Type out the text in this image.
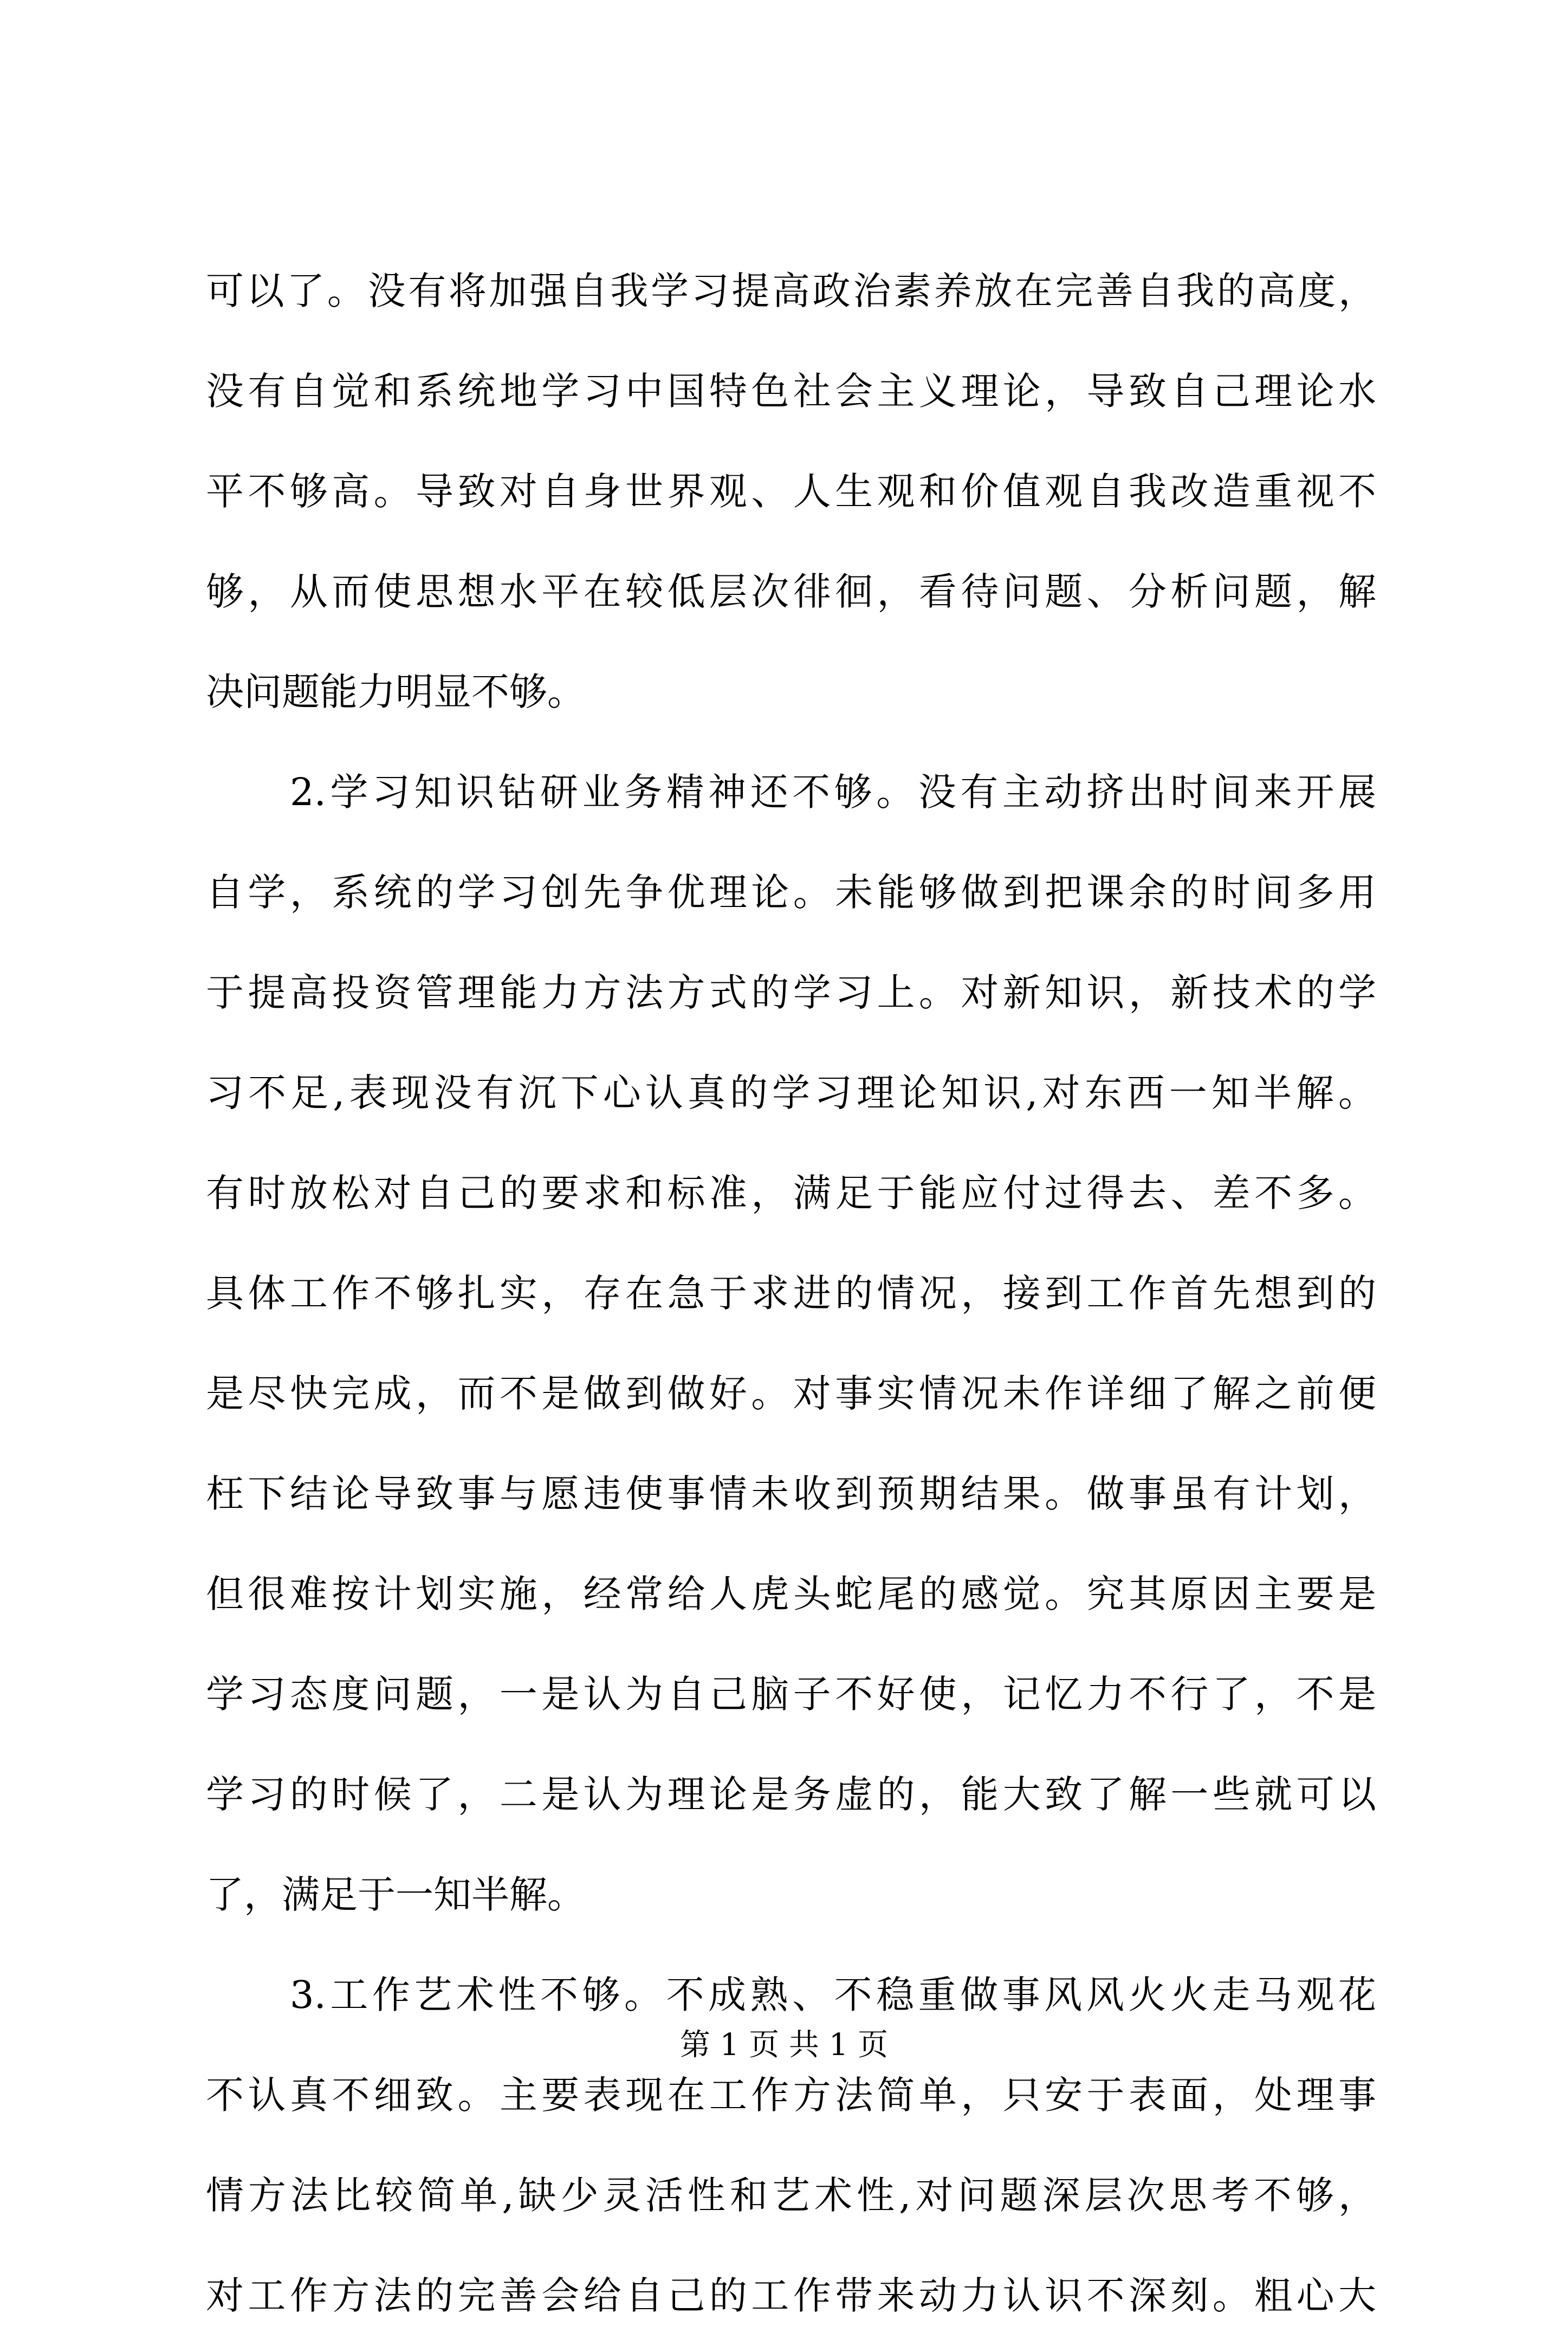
可以了。没有将加强自我学习提高政治素养放在完善自我的高度，
没有自觉和系统地学习中国特色社会主义理论，导致自己理论水
平不够高。导致对自身世界观、人生观和价值观自我改造重视不
够，从而使思想水平在较低层次徘徊，看待问题、分析问题，解
决问题能力明显不够。
　　2.学习知识钻研业务精神还不够。没有主动挤出时间来开展
自学，系统的学习创先争优理论。未能够做到把课余的时间多用
于提高投资管理能力方法方式的学习上。对新知识，新技术的学
习不足,表现没有沉下心认真的学习理论知识,对东西一知半解。
有时放松对自己的要求和标准，满足于能应付过得去、差不多。
具体工作不够扎实，存在急于求进的情况，接到工作首先想到的
是尽快完成，而不是做到做好。对事实情况未作详细了解之前便
枉下结论导致事与愿违使事情未收到预期结果。做事虽有计划，
但很难按计划实施，经常给人虎头蛇尾的感觉。究其原因主要是
学习态度问题，一是认为自己脑子不好使，记忆力不行了，不是
学习的时候了，二是认为理论是务虚的，能大致了解一些就可以
了，满足于一知半解。
　　3.工作艺术性不够。不成熟、不稳重做事风风火火走马观花
不认真不细致。主要表现在工作方法简单，只安于表面，处理事
情方法比较简单,缺少灵活性和艺术性,对问题深层次思考不够，
对工作方法的完善会给自己的工作带来动力认识不深刻。粗心大
第 1 页 共 1 页
